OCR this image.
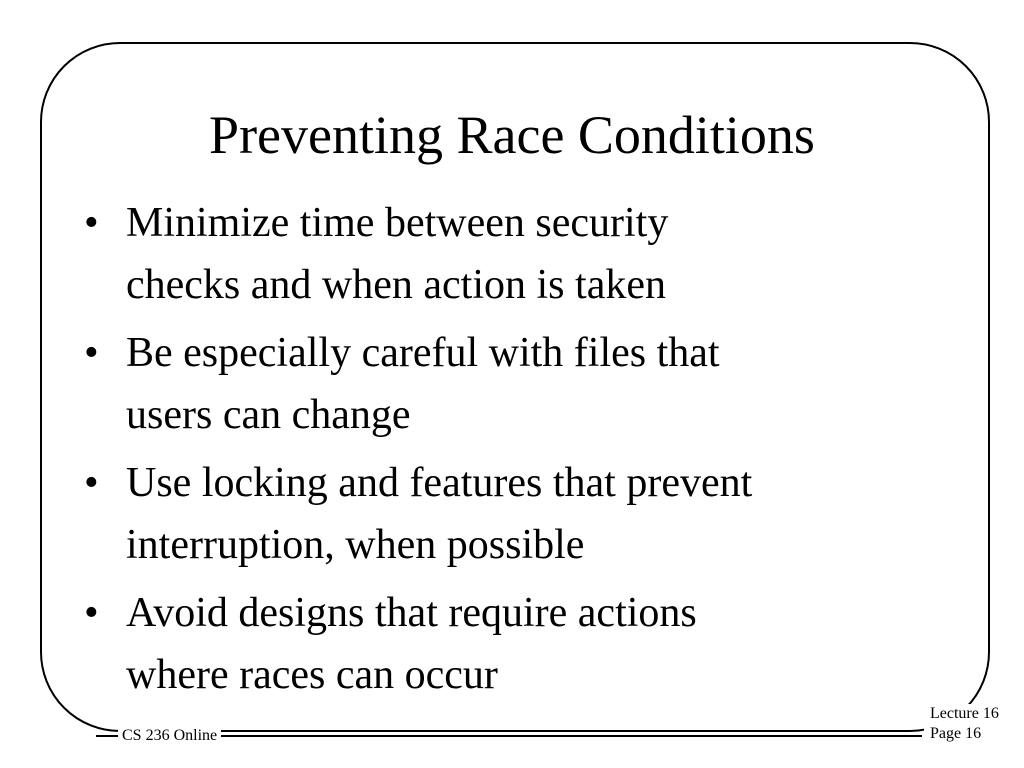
Preventing Race Conditions
• Minimize time between security
checks and when action is taken
• Be especially careful with files that
users can change
• Use locking and features that prevent
interruption, when possible
• Avoid designs that require actions
where races can occur
CS 236 Online
Lecture 16
Page 16
